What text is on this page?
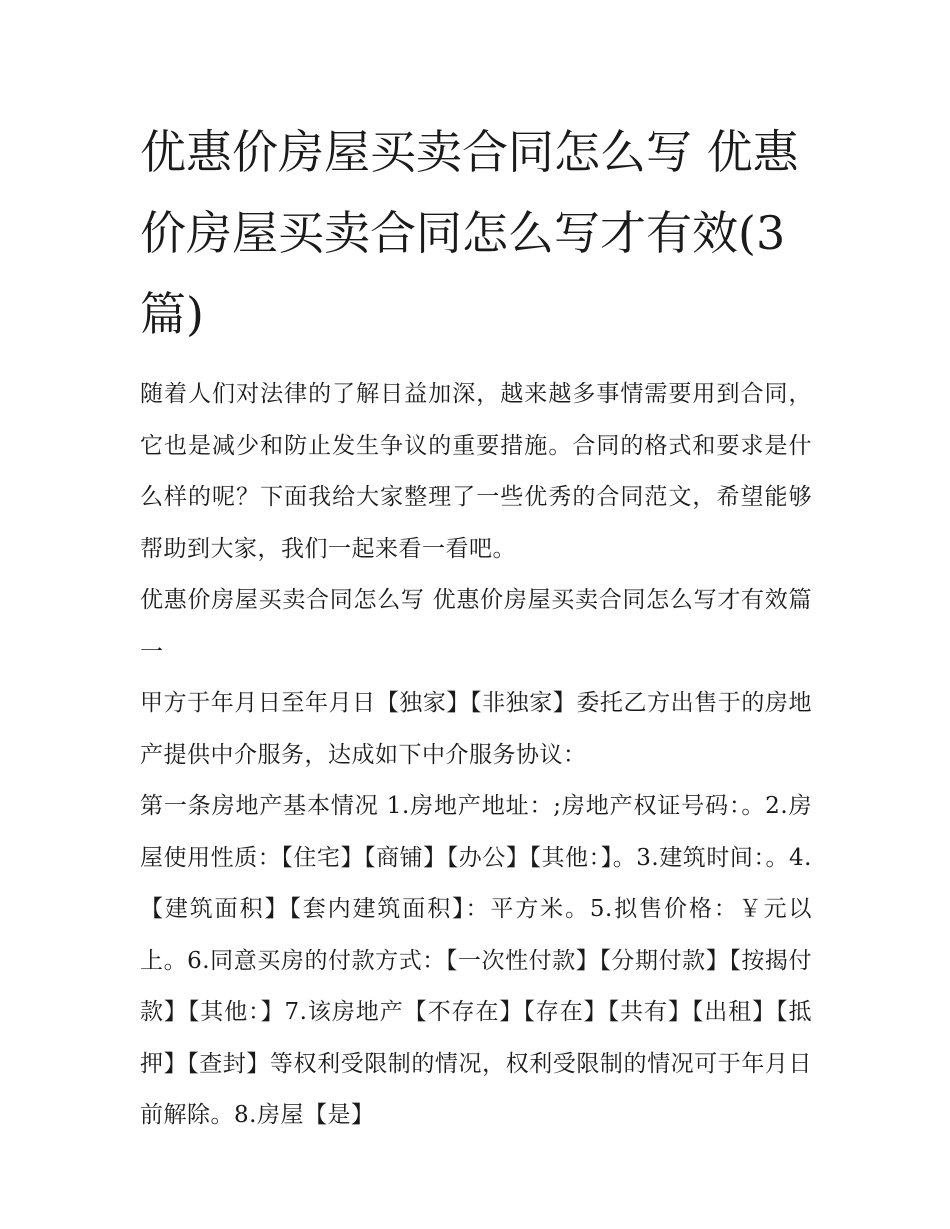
优惠价房屋买卖合同怎么写 优惠价房屋买卖合同怎么写才有效(3篇)

随着人们对法律的了解日益加深，越来越多事情需要用到合同，它也是减少和防止发生争议的重要措施。合同的格式和要求是什么样的呢？下面我给大家整理了一些优秀的合同范文，希望能够帮助到大家，我们一起来看一看吧。

优惠价房屋买卖合同怎么写 优惠价房屋买卖合同怎么写才有效篇一

甲方于年月日至年月日【独家】【非独家】委托乙方出售于的房地产提供中介服务，达成如下中介服务协议：

第一条房地产基本情况 1.房地产地址：;房地产权证号码：。2.房屋使用性质：【住宅】【商铺】【办公】【其他：】。3.建筑时间：。4.【建筑面积】【套内建筑面积】：平方米。5.拟售价格：￥元以上。6.同意买房的付款方式：【一次性付款】【分期付款】【按揭付款】【其他：】7.该房地产【不存在】【存在】【共有】【出租】【抵押】【查封】等权利受限制的情况，权利受限制的情况可于年月日前解除。8.房屋【是】
